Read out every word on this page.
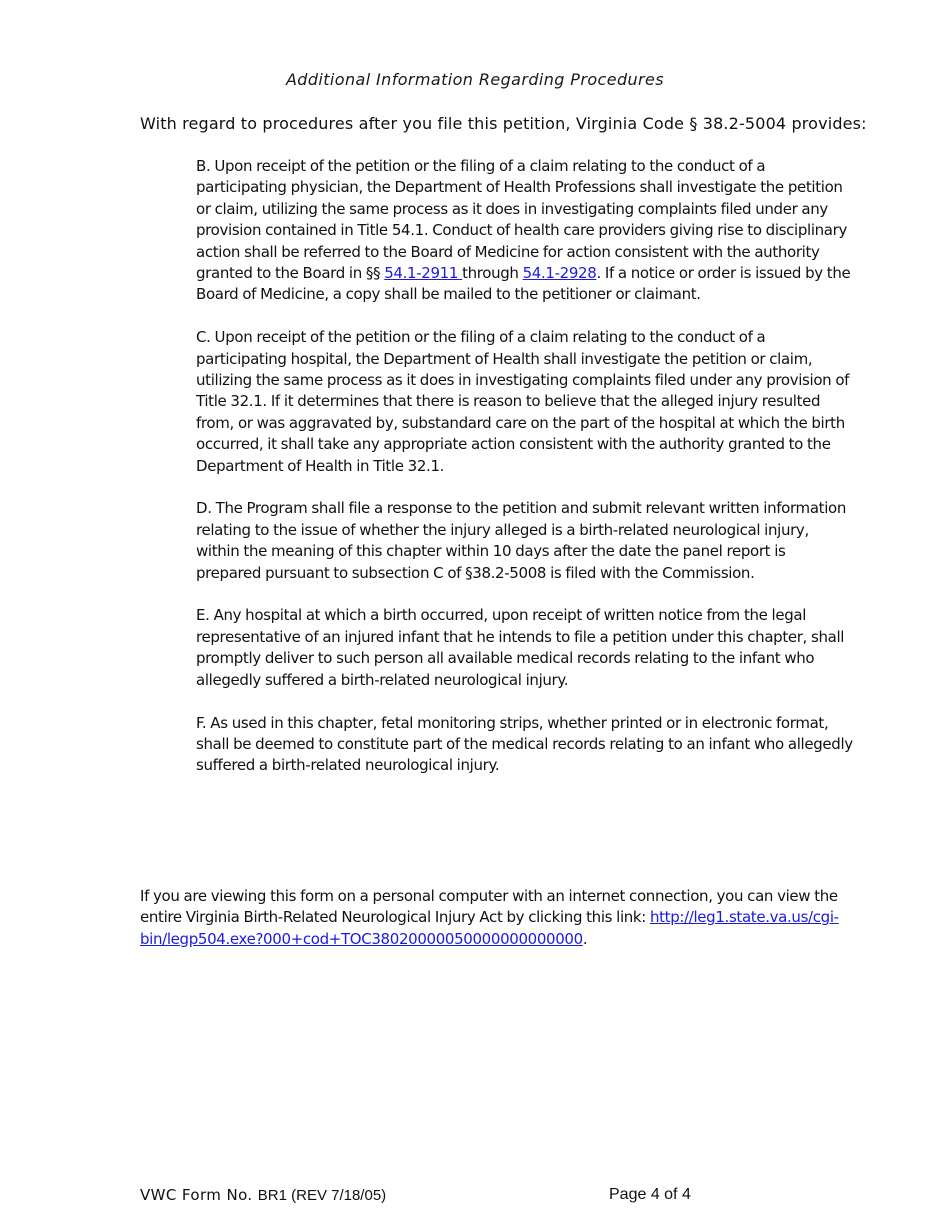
Additional Information Regarding Procedures
With regard to procedures after you file this petition, Virginia Code § 38.2-5004 provides:

B. Upon receipt of the petition or the filing of a claim relating to the conduct of a participating physician, the Department of Health Professions shall investigate the petition or claim, utilizing the same process as it does in investigating complaints filed under any provision contained in Title 54.1. Conduct of health care providers giving rise to disciplinary action shall be referred to the Board of Medicine for action consistent with the authority granted to the Board in §§ 54.1-2911 through 54.1-2928. If a notice or order is issued by the Board of Medicine, a copy shall be mailed to the petitioner or claimant.

C. Upon receipt of the petition or the filing of a claim relating to the conduct of a participating hospital, the Department of Health shall investigate the petition or claim, utilizing the same process as it does in investigating complaints filed under any provision of Title 32.1. If it determines that there is reason to believe that the alleged injury resulted from, or was aggravated by, substandard care on the part of the hospital at which the birth occurred, it shall take any appropriate action consistent with the authority granted to the Department of Health in Title 32.1.

D. The Program shall file a response to the petition and submit relevant written information relating to the issue of whether the injury alleged is a birth-related neurological injury, within the meaning of this chapter within 10 days after the date the panel report is prepared pursuant to subsection C of §38.2-5008 is filed with the Commission.

E. Any hospital at which a birth occurred, upon receipt of written notice from the legal representative of an injured infant that he intends to file a petition under this chapter, shall promptly deliver to such person all available medical records relating to the infant who allegedly suffered a birth-related neurological injury.

F. As used in this chapter, fetal monitoring strips, whether printed or in electronic format, shall be deemed to constitute part of the medical records relating to an infant who allegedly suffered a birth-related neurological injury.

If you are viewing this form on a personal computer with an internet connection, you can view the entire Virginia Birth-Related Neurological Injury Act by clicking this link: http://leg1.state.va.us/cgi-bin/legp504.exe?000+cod+TOC38020000050000000000000.
VWC Form No. BR1 (REV 7/18/05)	Page 4 of 4
